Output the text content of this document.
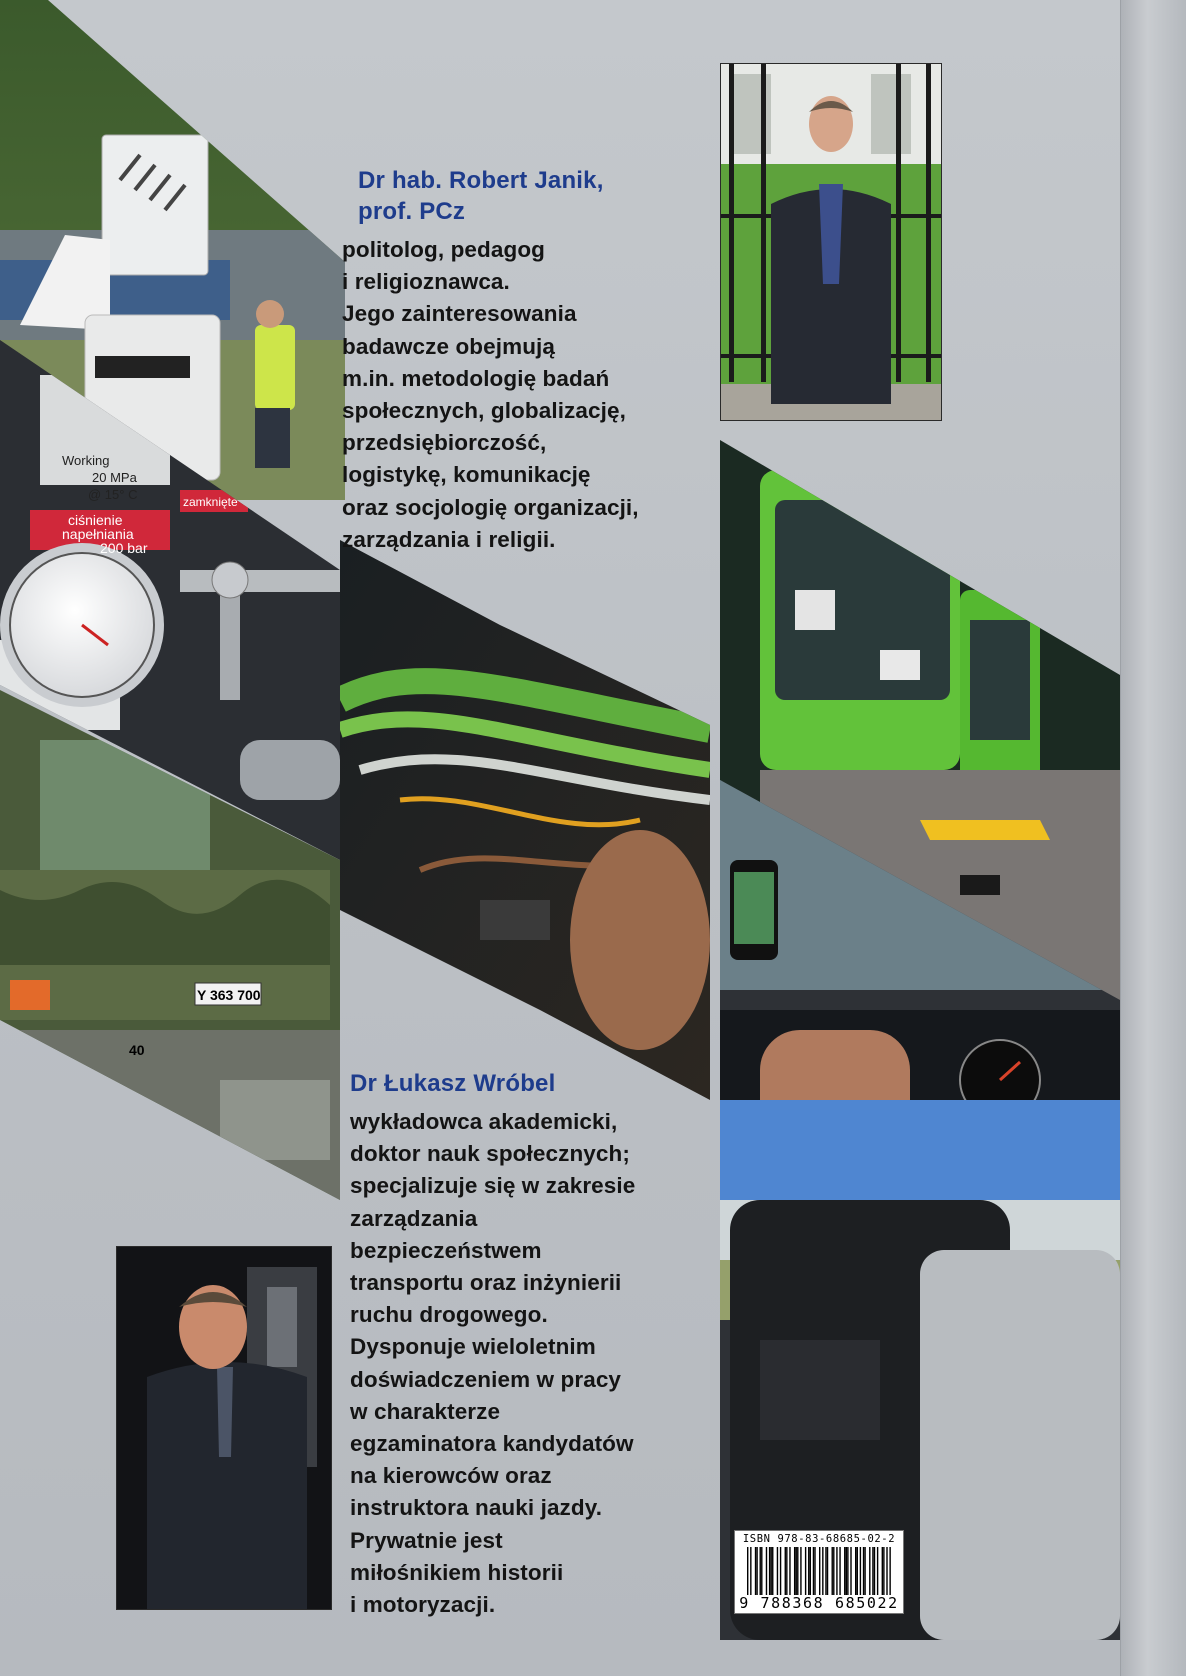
Working
20 MPa
@ 15° C	zamknięte
ciśnienie
napełniania
200 bar
Y 363 700
40
Dr hab. Robert Janik,
prof. PCz

politolog, pedagog
i religioznawca.
Jego zainteresowania
badawcze obejmują
m.in. metodologię badań
społecznych, globalizację,
przedsiębiorczość,
logistykę, komunikację
oraz socjologię organizacji,
zarządzania i religii.

Dr Łukasz Wróbel

wykładowca akademicki,
doktor nauk społecznych;
specjalizuje się w zakresie
zarządzania
bezpieczeństwem
transportu oraz inżynierii
ruchu drogowego.
Dysponuje wieloletnim
doświadczeniem w pracy
w charakterze
egzaminatora kandydatów
na kierowców oraz
instruktora nauki jazdy.
Prywatnie jest
miłośnikiem historii
i motoryzacji.

ISBN 978-83-68685-02-2
9 788368 685022
